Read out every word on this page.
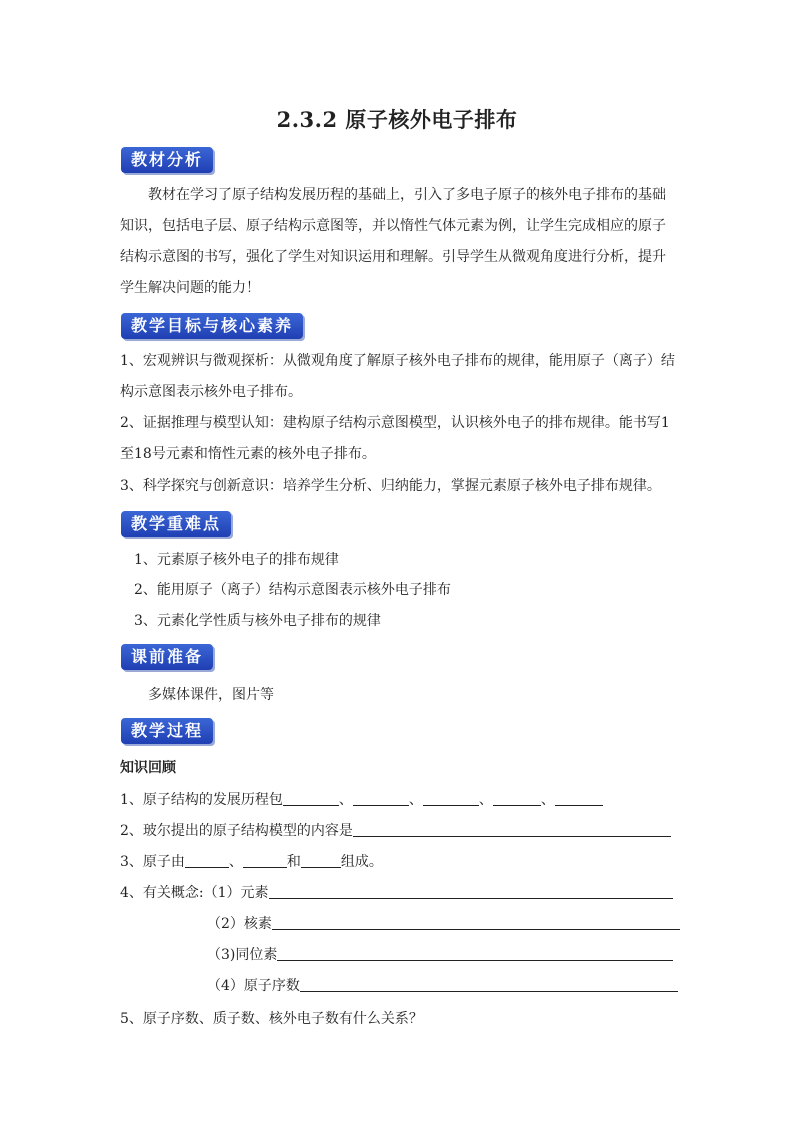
2.3.2 原子核外电子排布
教材分析

教材在学习了原子结构发展历程的基础上，引入了多电子原子的核外电子排布的基础知识，包括电子层、原子结构示意图等，并以惰性气体元素为例，让学生完成相应的原子结构示意图的书写，强化了学生对知识运用和理解。引导学生从微观角度进行分析，提升学生解决问题的能力！

教学目标与核心素养

1、宏观辨识与微观探析：从微观角度了解原子核外电子排布的规律，能用原子（离子）结构示意图表示核外电子排布。

2、证据推理与模型认知：建构原子结构示意图模型，认识核外电子的排布规律。能书写1至18号元素和惰性元素的核外电子排布。

3、科学探究与创新意识：培养学生分析、归纳能力，掌握元素原子核外电子排布规律。

教学重难点

1、元素原子核外电子的排布规律

2、能用原子（离子）结构示意图表示核外电子排布

3、元素化学性质与核外电子排布的规律

课前准备

多媒体课件，图片等

教学过程

知识回顾

1、原子结构的发展历程包	、	、	、	、

2、玻尔提出的原子结构模型的内容是

3、原子由	、	和	组成。

4、有关概念:（1）元素

（2）核素

（3)同位素

（4）原子序数

5、原子序数、质子数、核外电子数有什么关系？
